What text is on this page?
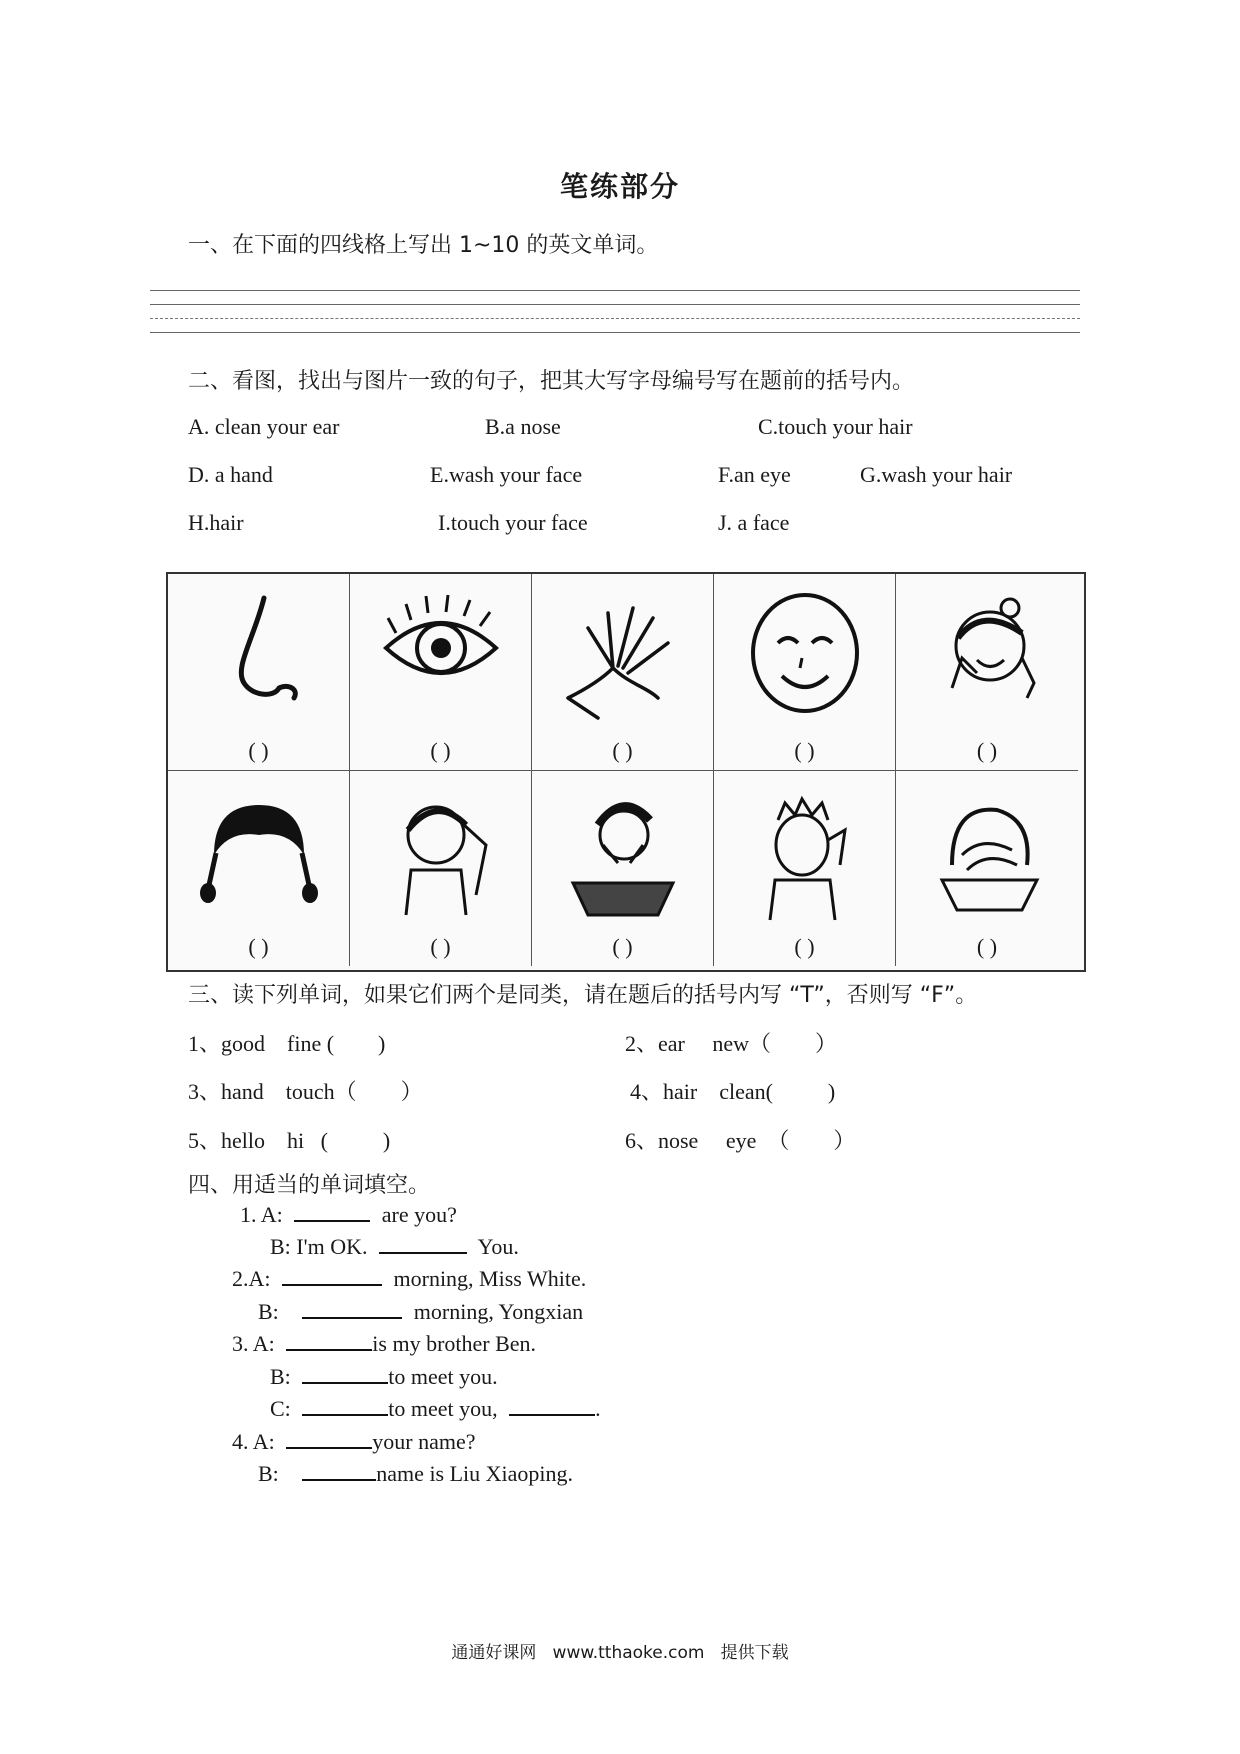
笔练部分
一、在下面的四线格上写出 1~10 的英文单词。
二、看图，找出与图片一致的句子，把其大写字母编号写在题前的括号内。
A. clean your ear	B.a nose	C.touch your hair
D. a hand	E.wash your face	F.an eye	G.wash your hair
H.hair	I.touch your face	J. a face
( )	( )	( )	( )	( )
( )	( )	( )	( )	( )
三、读下列单词，如果它们两个是同类，请在题后的括号内写 “T”，否则写 “F”。
1、good    fine (        )	2、ear     new（        ）
3、hand    touch（        ）	4、hair    clean(          )
5、hello    hi   (          )	6、nose     eye  （        ）
四、用适当的单词填空。
1. A:	are you?
B: I'm OK.	You.
2.A:	morning, Miss White.
B:	morning, Yongxian
3. A:	is my brother Ben.
B:	to meet you.
C:	to meet you,	.
4. A:	your name?
B:	name is Liu Xiaoping.
通通好课网   www.tthaoke.com   提供下载
